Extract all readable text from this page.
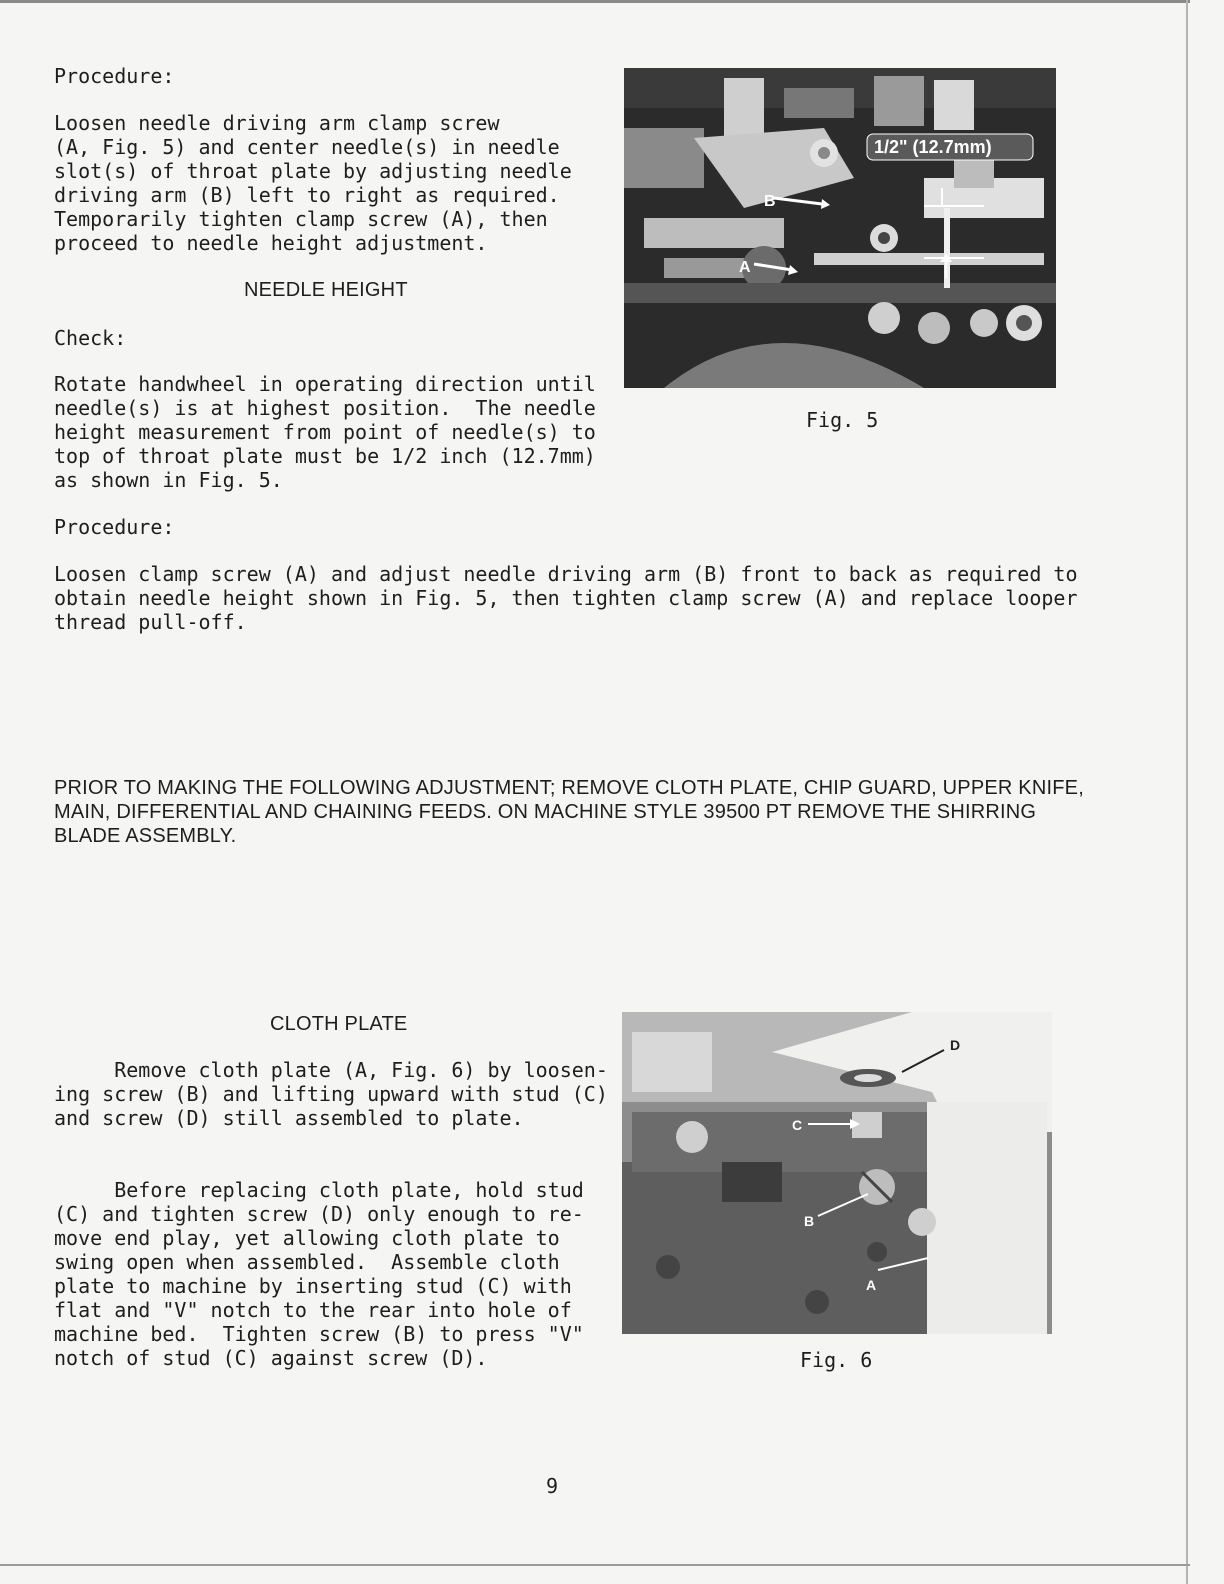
Procedure:

Loosen needle driving arm clamp screw
(A, Fig. 5) and center needle(s) in needle
slot(s) of throat plate by adjusting needle
driving arm (B) left to right as required.
Temporarily tighten clamp screw (A), then
proceed to needle height adjustment.

NEEDLE HEIGHT

Check:

Rotate handwheel in operating direction until
needle(s) is at highest position.  The needle
height measurement from point of needle(s) to
top of throat plate must be 1/2 inch (12.7mm)
as shown in Fig. 5.

Procedure:

Loosen clamp screw (A) and adjust needle driving arm (B) front to back as required to
obtain needle height shown in Fig. 5, then tighten clamp screw (A) and replace looper
thread pull-off.

PRIOR TO MAKING THE FOLLOWING ADJUSTMENT; REMOVE CLOTH PLATE, CHIP GUARD, UPPER KNIFE,
MAIN, DIFFERENTIAL AND CHAINING FEEDS. ON MACHINE STYLE 39500 PT REMOVE THE SHIRRING
BLADE ASSEMBLY.

CLOTH PLATE

Remove cloth plate (A, Fig. 6) by loosen-
ing screw (B) and lifting upward with stud (C)
and screw (D) still assembled to plate.

Before replacing cloth plate, hold stud
(C) and tighten screw (D) only enough to re-
move end play, yet allowing cloth plate to
swing open when assembled.  Assemble cloth
plate to machine by inserting stud (C) with
flat and "V" notch to the rear into hole of
machine bed.  Tighten screw (B) to press "V"
notch of stud (C) against screw (D).

1/2" (12.7mm)
B
A
Fig. 5
D
C
B
A
Fig. 6
9
